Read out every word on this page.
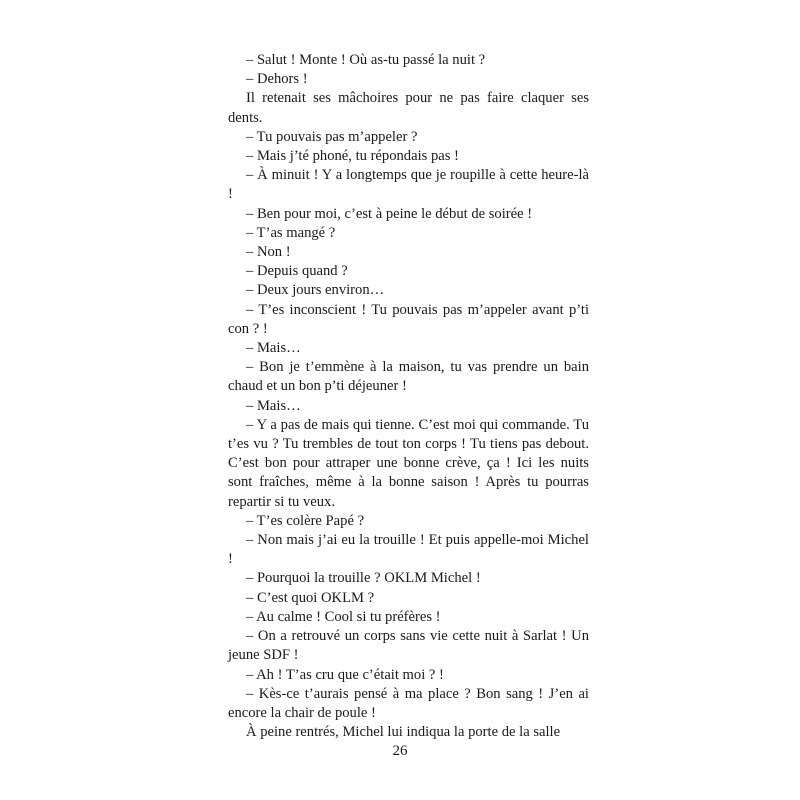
– Salut ! Monte ! Où as-tu passé la nuit ?

– Dehors !

Il retenait ses mâchoires pour ne pas faire claquer ses dents.

– Tu pouvais pas m’appeler ?

– Mais j’té phoné, tu répondais pas !

– À minuit ! Y a longtemps que je roupille à cette heure-là !

– Ben pour moi, c’est à peine le début de soirée !

– T’as mangé ?

– Non !

– Depuis quand ?

– Deux jours environ…

– T’es inconscient ! Tu pouvais pas m’appeler avant p’ti con ? !

– Mais…

– Bon je t’emmène à la maison, tu vas prendre un bain chaud et un bon p’ti déjeuner !

– Mais…

– Y a pas de mais qui tienne. C’est moi qui commande. Tu t’es vu ? Tu trembles de tout ton corps ! Tu tiens pas debout. C’est bon pour attraper une bonne crève, ça ! Ici les nuits sont fraîches, même à la bonne saison ! Après tu pourras repartir si tu veux.

– T’es colère Papé ?

– Non mais j’ai eu la trouille ! Et puis appelle-moi Michel !

– Pourquoi la trouille ? OKLM Michel !

– C’est quoi OKLM ?

– Au calme ! Cool si tu préfères !

– On a retrouvé un corps sans vie cette nuit à Sarlat ! Un jeune SDF !

– Ah ! T’as cru que c’était moi ? !

– Kès-ce t’aurais pensé à ma place ? Bon sang ! J’en ai encore la chair de poule !

À peine rentrés, Michel lui indiqua la porte de la salle

26
